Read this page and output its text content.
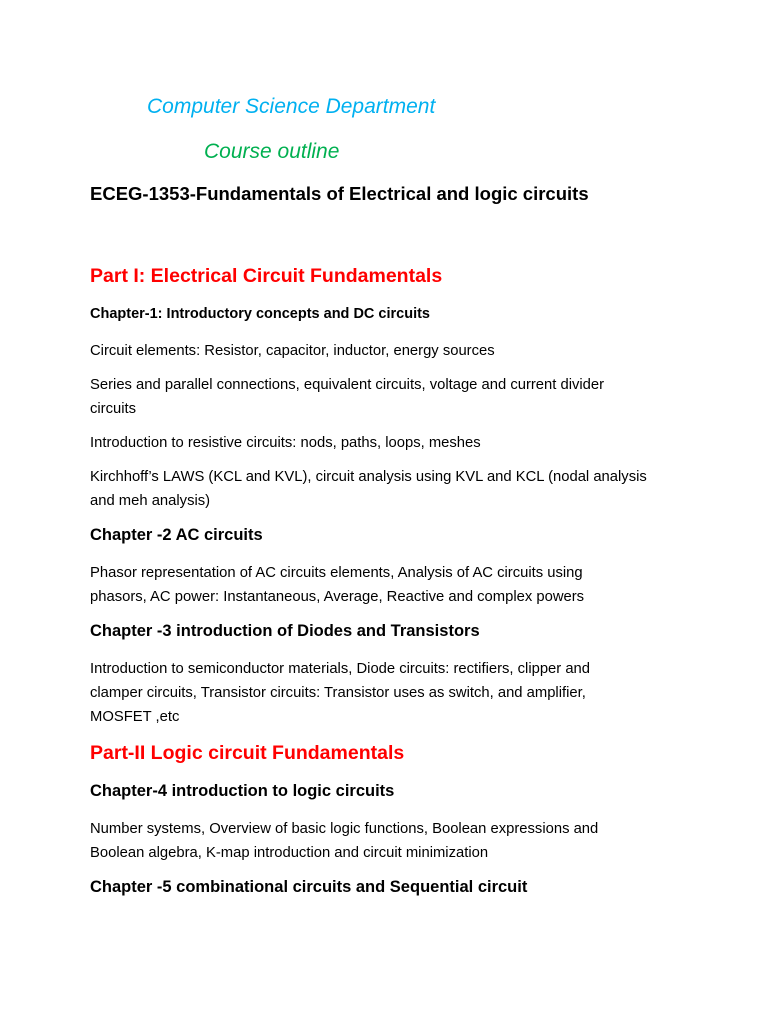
Computer Science Department
Course outline
ECEG-1353-Fundamentals of Electrical and logic circuits
Part I: Electrical Circuit Fundamentals
Chapter-1: Introductory concepts and DC circuits
Circuit elements: Resistor, capacitor, inductor, energy sources
Series and parallel connections, equivalent circuits, voltage and current divider
circuits
Introduction to resistive circuits: nods, paths, loops, meshes
Kirchhoff’s LAWS (KCL and KVL), circuit analysis using KVL and KCL (nodal analysis
and meh analysis)
Chapter -2 AC circuits
Phasor representation of AC circuits elements, Analysis of AC circuits using
phasors, AC power: Instantaneous, Average, Reactive and complex powers
Chapter -3 introduction of Diodes and Transistors
Introduction to semiconductor materials, Diode circuits: rectifiers, clipper and
clamper circuits, Transistor circuits: Transistor uses as switch, and amplifier,
MOSFET ,etc
Part-II Logic circuit Fundamentals
Chapter-4 introduction to logic circuits
Number systems, Overview of basic logic functions, Boolean expressions and
Boolean algebra, K-map introduction and circuit minimization
Chapter -5 combinational circuits and Sequential circuit
